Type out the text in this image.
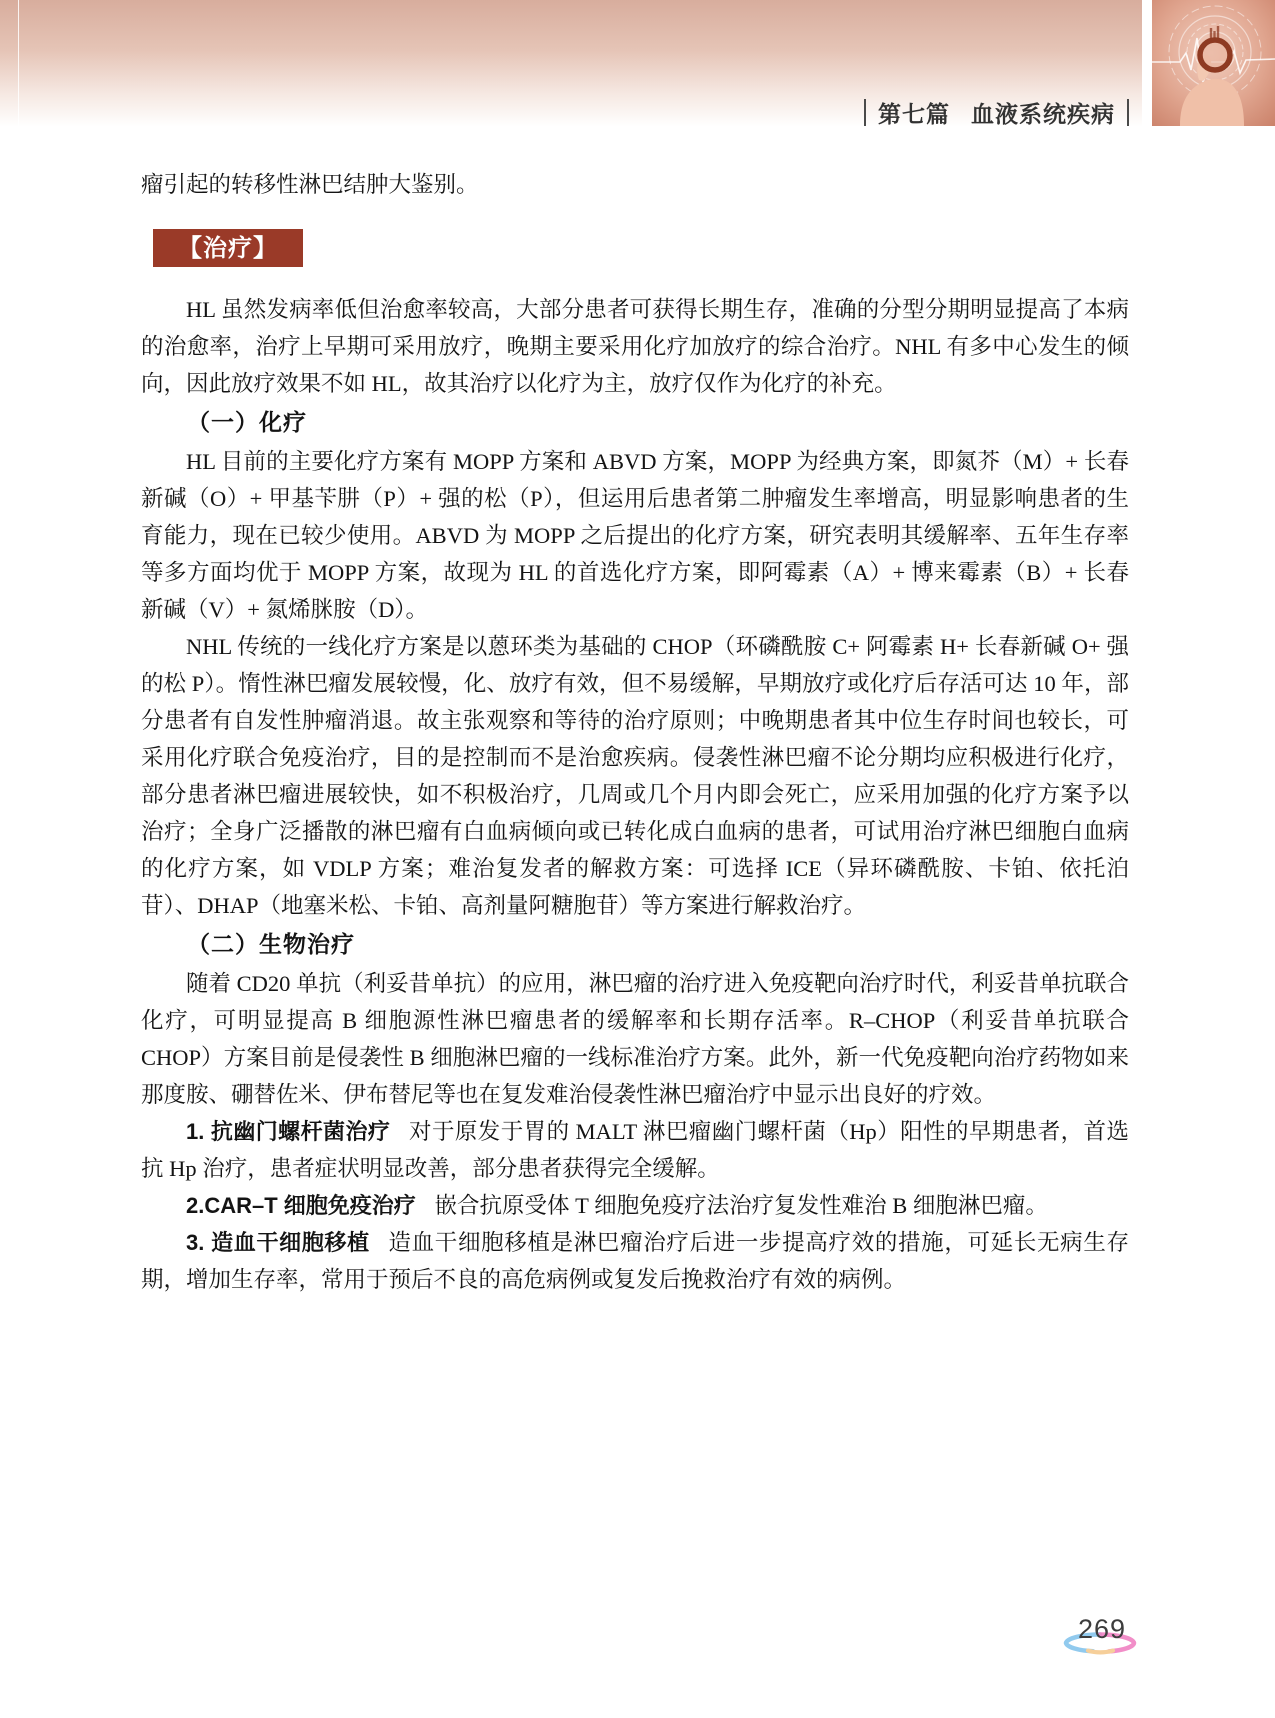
第七篇 血液系统疾病

瘤引起的转移性淋巴结肿大鉴别。

【治疗】

HL 虽然发病率低但治愈率较高，大部分患者可获得长期生存，准确的分型分期明显提高了本病的治愈率，治疗上早期可采用放疗，晚期主要采用化疗加放疗的综合治疗。NHL 有多中心发生的倾向，因此放疗效果不如 HL，故其治疗以化疗为主，放疗仅作为化疗的补充。

（一）化疗

HL 目前的主要化疗方案有 MOPP 方案和 ABVD 方案，MOPP 为经典方案，即氮芥（M）+ 长春新碱（O）+ 甲基苄肼（P）+ 强的松（P），但运用后患者第二肿瘤发生率增高，明显影响患者的生育能力，现在已较少使用。ABVD 为 MOPP 之后提出的化疗方案，研究表明其缓解率、五年生存率等多方面均优于 MOPP 方案，故现为 HL 的首选化疗方案，即阿霉素（A）+ 博来霉素（B）+ 长春新碱（V）+ 氮烯脒胺（D）。

NHL 传统的一线化疗方案是以蒽环类为基础的 CHOP（环磷酰胺 C+ 阿霉素 H+ 长春新碱 O+ 强的松 P）。惰性淋巴瘤发展较慢，化、放疗有效，但不易缓解，早期放疗或化疗后存活可达 10 年，部分患者有自发性肿瘤消退。故主张观察和等待的治疗原则；中晚期患者其中位生存时间也较长，可采用化疗联合免疫治疗，目的是控制而不是治愈疾病。侵袭性淋巴瘤不论分期均应积极进行化疗，部分患者淋巴瘤进展较快，如不积极治疗，几周或几个月内即会死亡，应采用加强的化疗方案予以治疗；全身广泛播散的淋巴瘤有白血病倾向或已转化成白血病的患者，可试用治疗淋巴细胞白血病的化疗方案，如 VDLP 方案；难治复发者的解救方案：可选择 ICE（异环磷酰胺、卡铂、依托泊苷）、DHAP（地塞米松、卡铂、高剂量阿糖胞苷）等方案进行解救治疗。

（二）生物治疗

随着 CD20 单抗（利妥昔单抗）的应用，淋巴瘤的治疗进入免疫靶向治疗时代，利妥昔单抗联合化疗，可明显提高 B 细胞源性淋巴瘤患者的缓解率和长期存活率。R–CHOP（利妥昔单抗联合 CHOP）方案目前是侵袭性 B 细胞淋巴瘤的一线标准治疗方案。此外，新一代免疫靶向治疗药物如来那度胺、硼替佐米、伊布替尼等也在复发难治侵袭性淋巴瘤治疗中显示出良好的疗效。

1. 抗幽门螺杆菌治疗 对于原发于胃的 MALT 淋巴瘤幽门螺杆菌（Hp）阳性的早期患者，首选抗 Hp 治疗，患者症状明显改善，部分患者获得完全缓解。

2.CAR–T 细胞免疫治疗 嵌合抗原受体 T 细胞免疫疗法治疗复发性难治 B 细胞淋巴瘤。

3. 造血干细胞移植 造血干细胞移植是淋巴瘤治疗后进一步提高疗效的措施，可延长无病生存期，增加生存率，常用于预后不良的高危病例或复发后挽救治疗有效的病例。

269
